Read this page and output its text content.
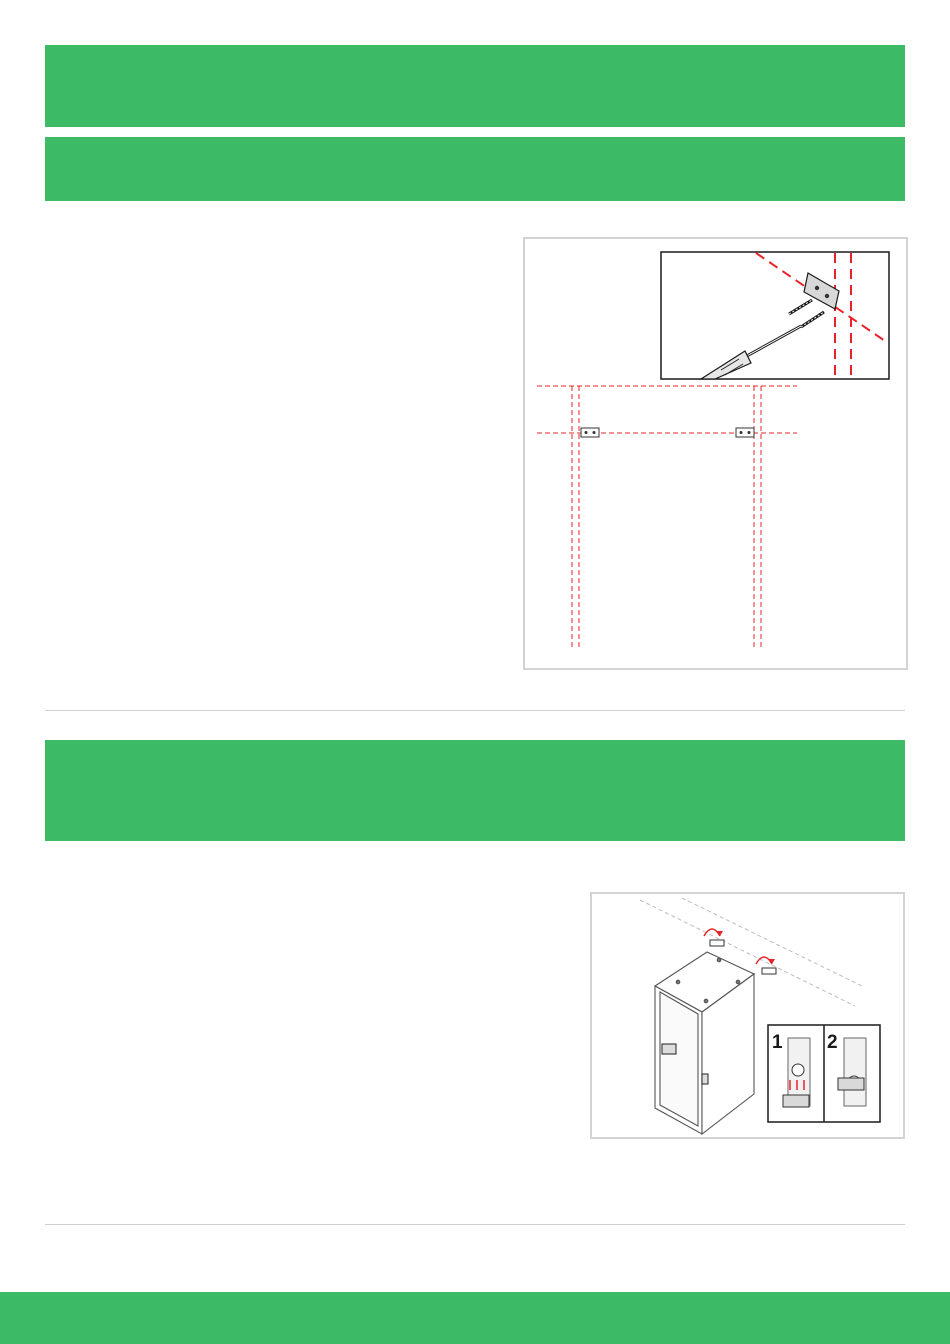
1 2
